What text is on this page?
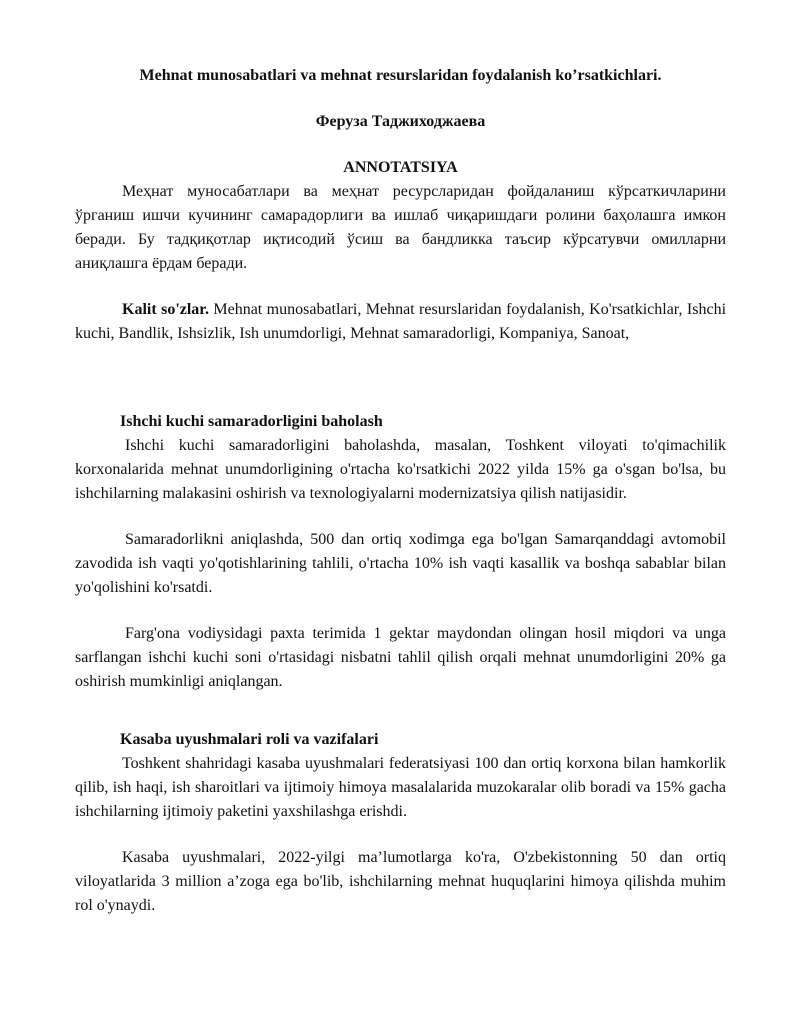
Mehnat munosabatlari va mehnat resurslaridan foydalanish ko’rsatkichlari.

Феруза Таджиходжаева

ANNOTATSIYA

Меҳнат муносабатлари ва меҳнат ресурсларидан фойдаланиш кўрсаткичларини ўрганиш ишчи кучининг самарадорлиги ва ишлаб чиқаришдаги ролини баҳолашга имкон беради. Бу тадқиқотлар иқтисодий ўсиш ва бандликка таъсир кўрсатувчи омилларни аниқлашга ёрдам беради.

Kalit so'zlar. Mehnat munosabatlari, Mehnat resurslaridan foydalanish, Ko'rsatkichlar, Ishchi kuchi, Bandlik, Ishsizlik, Ish unumdorligi, Mehnat samaradorligi, Kompaniya, Sanoat,

Ishchi kuchi samaradorligini baholash

Ishchi kuchi samaradorligini baholashda, masalan, Toshkent viloyati to'qimachilik korxonalarida mehnat unumdorligining o'rtacha ko'rsatkichi 2022 yilda 15% ga o'sgan bo'lsa, bu ishchilarning malakasini oshirish va texnologiyalarni modernizatsiya qilish natijasidir.

Samaradorlikni aniqlashda, 500 dan ortiq xodimga ega bo'lgan Samarqanddagi avtomobil zavodida ish vaqti yo'qotishlarining tahlili, o'rtacha 10% ish vaqti kasallik va boshqa sabablar bilan yo'qolishini ko'rsatdi.

Farg'ona vodiysidagi paxta terimida 1 gektar maydondan olingan hosil miqdori va unga sarflangan ishchi kuchi soni o'rtasidagi nisbatni tahlil qilish orqali mehnat unumdorligini 20% ga oshirish mumkinligi aniqlangan.

Kasaba uyushmalari roli va vazifalari

Toshkent shahridagi kasaba uyushmalari federatsiyasi 100 dan ortiq korxona bilan hamkorlik qilib, ish haqi, ish sharoitlari va ijtimoiy himoya masalalarida muzokaralar olib boradi va 15% gacha ishchilarning ijtimoiy paketini yaxshilashga erishdi.

Kasaba uyushmalari, 2022-yilgi ma’lumotlarga ko'ra, O'zbekistonning 50 dan ortiq viloyatlarida 3 million a’zoga ega bo'lib, ishchilarning mehnat huquqlarini himoya qilishda muhim rol o'ynaydi.
